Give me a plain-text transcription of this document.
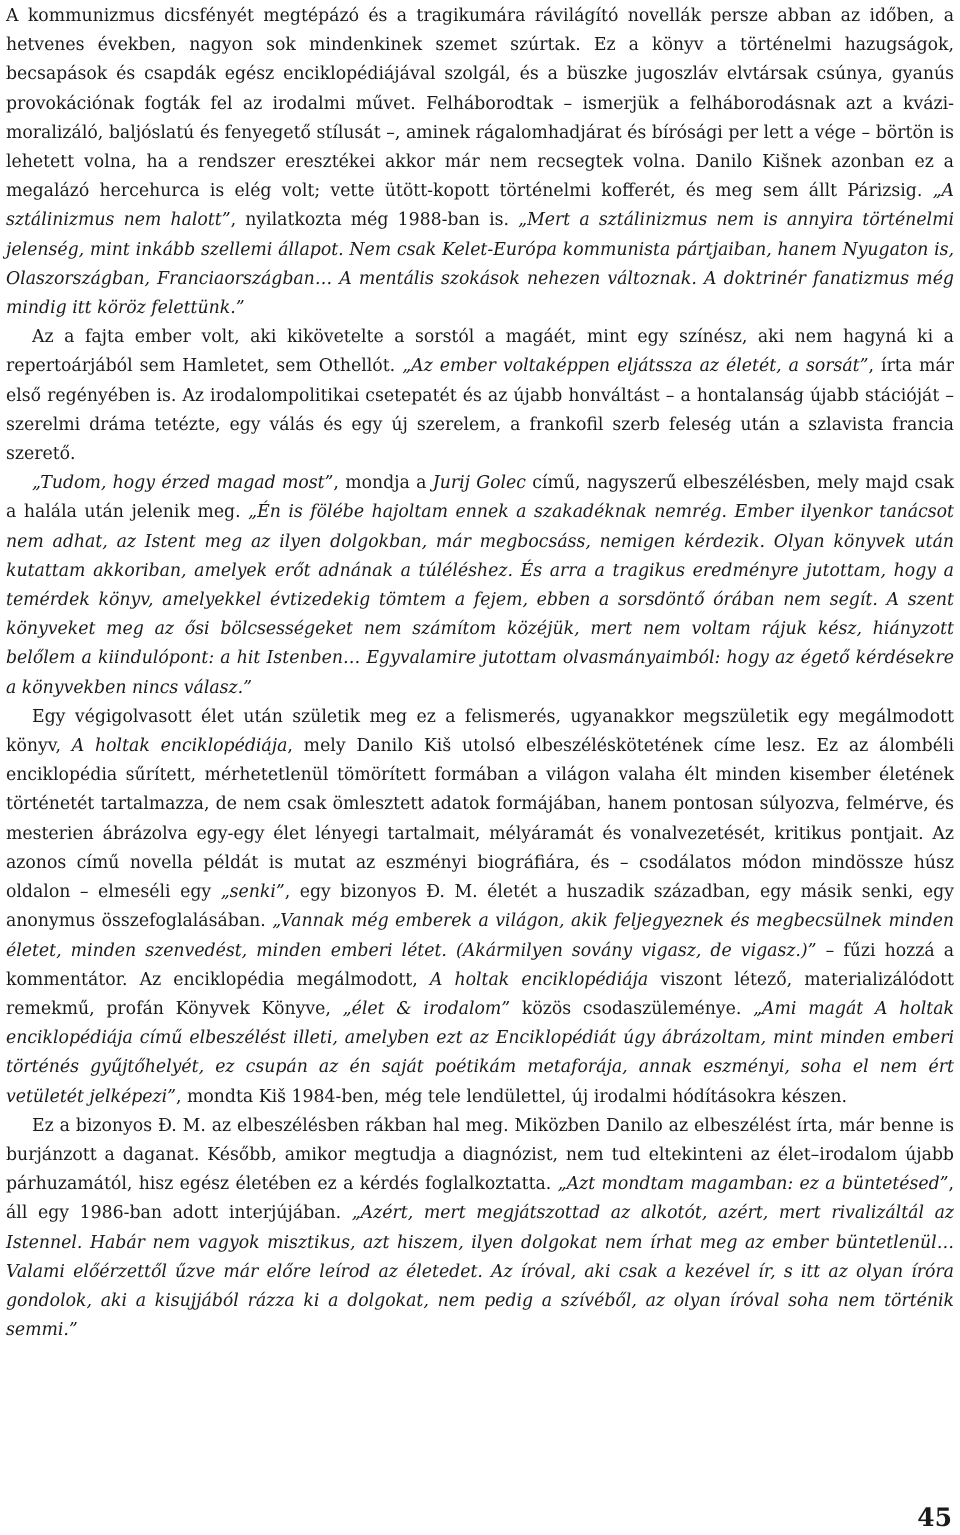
A kommunizmus dicsfényét megtépázó és a tragikumára rávilágító novellák persze abban az időben, a hetvenes években, nagyon sok mindenkinek szemet szúrtak. Ez a könyv a történelmi hazugságok, becsapások és csapdák egész enciklopédiájával szolgál, és a büszke jugoszláv elvtársak csúnya, gyanús provokációnak fogták fel az irodalmi művet. Felháborodtak – ismerjük a felháborodásnak azt a kvázi-moralizáló, baljóslatú és fenyegető stílusát –, aminek rágalomhadjárat és bírósági per lett a vége – börtön is lehetett volna, ha a rendszer eresztékei akkor már nem recsegtek volna. Danilo Kišnek azonban ez a megalázó hercehurca is elég volt; vette ütött-kopott történelmi kofferét, és meg sem állt Párizsig. „A sztálinizmus nem halott”, nyilatkozta még 1988-ban is. „Mert a sztálinizmus nem is annyira történelmi jelenség, mint inkább szellemi állapot. Nem csak Kelet-Európa kommunista pártjaiban, hanem Nyugaton is, Olaszországban, Franciaországban… A mentális szokások nehezen változnak. A doktrinér fanatizmus még mindig itt köröz felettünk.”

Az a fajta ember volt, aki kikövetelte a sorstól a magáét, mint egy színész, aki nem hagyná ki a repertoárjából sem Hamletet, sem Othellót. „Az ember voltaképpen eljátssza az életét, a sorsát”, írta már első regényében is. Az irodalompolitikai csetepatét és az újabb honváltást – a hontalanság újabb stációját – szerelmi dráma tetézte, egy válás és egy új szerelem, a frankofil szerb feleség után a szlavista francia szerető.

„Tudom, hogy érzed magad most”, mondja a Jurij Golec című, nagyszerű elbeszélésben, mely majd csak a halála után jelenik meg. „Én is fölébe hajoltam ennek a szakadéknak nemrég. Ember ilyenkor tanácsot nem adhat, az Istent meg az ilyen dolgokban, már megbocsáss, nemigen kérdezik. Olyan könyvek után kutattam akkoriban, amelyek erőt adnának a túléléshez. És arra a tragikus eredményre jutottam, hogy a temérdek könyv, amelyekkel évtizedekig tömtem a fejem, ebben a sorsdöntő órában nem segít. A szent könyveket meg az ősi bölcsességeket nem számítom közéjük, mert nem voltam rájuk kész, hiányzott belőlem a kiindulópont: a hit Istenben… Egyvalamire jutottam olvasmányaimból: hogy az égető kérdésekre a könyvekben nincs válasz.”

Egy végigolvasott élet után születik meg ez a felismerés, ugyanakkor megszületik egy megálmodott könyv, A holtak enciklopédiája, mely Danilo Kiš utolsó elbeszéléskötetének címe lesz. Ez az álombéli enciklopédia sűrített, mérhetetlenül tömörített formában a világon valaha élt minden kisember életének történetét tartalmazza, de nem csak ömlesztett adatok formájában, hanem pontosan súlyozva, felmérve, és mesterien ábrázolva egy-egy élet lényegi tartalmait, mélyáramát és vonalvezetését, kritikus pontjait. Az azonos című novella példát is mutat az eszményi biográfiára, és – csodálatos módon mindössze húsz oldalon – elmeséli egy „senki”, egy bizonyos Đ. M. életét a huszadik században, egy másik senki, egy anonymus összefoglalásában. „Vannak még emberek a világon, akik feljegyeznek és megbecsülnek minden életet, minden szenvedést, minden emberi létet. (Akármilyen sovány vigasz, de vigasz.)” – fűzi hozzá a kommentátor. Az enciklopédia megálmodott, A holtak enciklopédiája viszont létező, materializálódott remekmű, profán Könyvek Könyve, „élet & irodalom” közös csodaszüleménye. „Ami magát A holtak enciklopédiája című elbeszélést illeti, amelyben ezt az Enciklopédiát úgy ábrázoltam, mint minden emberi történés gyűjtőhelyét, ez csupán az én saját poétikám metaforája, annak eszményi, soha el nem ért vetületét jelképezi”, mondta Kiš 1984-ben, még tele lendülettel, új irodalmi hódításokra készen.

Ez a bizonyos Đ. M. az elbeszélésben rákban hal meg. Miközben Danilo az elbeszélést írta, már benne is burjánzott a daganat. Később, amikor megtudja a diagnózist, nem tud eltekinteni az élet–irodalom újabb párhuzamától, hisz egész életében ez a kérdés foglalkoztatta. „Azt mondtam magamban: ez a büntetésed”, áll egy 1986-ban adott interjújában. „Azért, mert megjátszottad az alkotót, azért, mert rivalizáltál az Istennel. Habár nem vagyok misztikus, azt hiszem, ilyen dolgokat nem írhat meg az ember büntetlenül… Valami előérzettől űzve már előre leírod az életedet. Az íróval, aki csak a kezével ír, s itt az olyan íróra gondolok, aki a kisujjából rázza ki a dolgokat, nem pedig a szívéből, az olyan íróval soha nem történik semmi.”

45
